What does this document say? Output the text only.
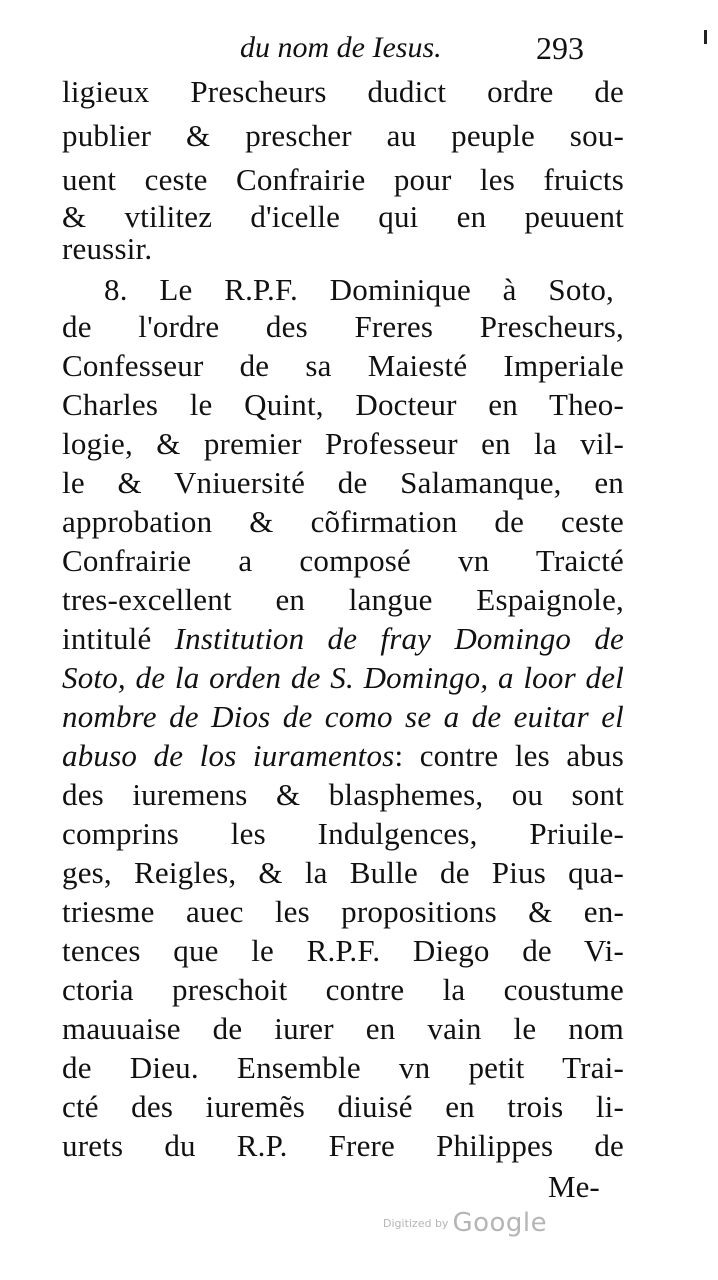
du nom de Iesus.	293
ligieux Prescheurs dudict ordre de
publier & prescher au peuple sou-
uent ceste Confrairie pour les fruicts
& vtilitez d'icelle qui en peuuent
reussir.
8. Le R.P.F. Dominique à Soto,
de l'ordre des Freres Prescheurs,
Confesseur de sa Maiesté Imperiale
Charles le Quint, Docteur en Theo-
logie, & premier Professeur en la vil-
le & Vniuersité de Salamanque, en
approbation & cõfirmation de ceste
Confrairie a composé vn Traicté
tres-excellent en langue Espaignole,
intitulé Institution de fray Domingo de
Soto, de la orden de S. Domingo, a loor del
nombre de Dios de como se a de euitar el
abuso de los iuramentos: contre les abus
des iuremens & blasphemes, ou sont
comprins les Indulgences, Priuile-
ges, Reigles, & la Bulle de Pius qua-
triesme auec les propositions & en-
tences que le R.P.F. Diego de Vi-
ctoria preschoit contre la coustume
mauuaise de iurer en vain le nom
de Dieu. Ensemble vn petit Trai-
cté des iuremẽs diuisé en trois li-
urets du R.P. Frere Philippes de
Me-
Digitized by Google
